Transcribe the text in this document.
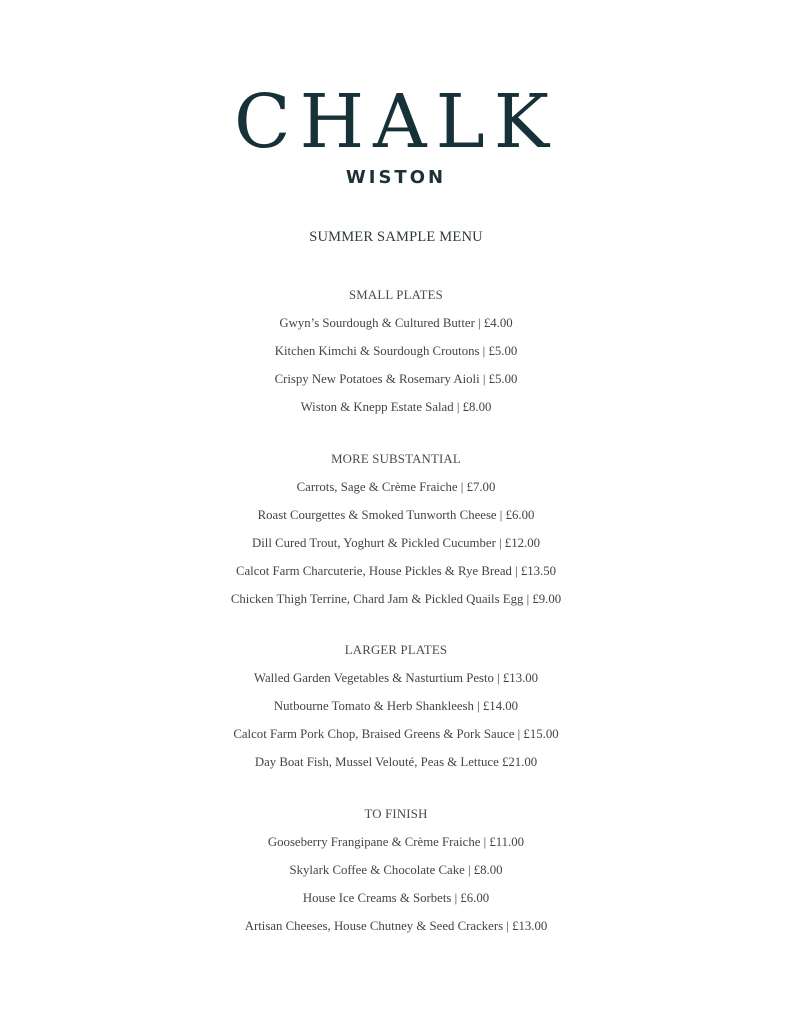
CHALK
WISTON
SUMMER SAMPLE MENU
SMALL PLATES
Gwyn’s Sourdough & Cultured Butter | £4.00
Kitchen Kimchi & Sourdough Croutons | £5.00
Crispy New Potatoes & Rosemary Aioli | £5.00
Wiston & Knepp Estate Salad | £8.00
MORE SUBSTANTIAL
Carrots, Sage & Crème Fraiche | £7.00
Roast Courgettes & Smoked Tunworth Cheese | £6.00
Dill Cured Trout, Yoghurt & Pickled Cucumber | £12.00
Calcot Farm Charcuterie, House Pickles & Rye Bread | £13.50
Chicken Thigh Terrine, Chard Jam & Pickled Quails Egg | £9.00
LARGER PLATES
Walled Garden Vegetables & Nasturtium Pesto | £13.00
Nutbourne Tomato & Herb Shankleesh | £14.00
Calcot Farm Pork Chop, Braised Greens & Pork Sauce | £15.00
Day Boat Fish, Mussel Velouté, Peas & Lettuce £21.00
TO FINISH
Gooseberry Frangipane & Crème Fraiche | £11.00
Skylark Coffee & Chocolate Cake | £8.00
House Ice Creams & Sorbets | £6.00
Artisan Cheeses, House Chutney & Seed Crackers | £13.00
